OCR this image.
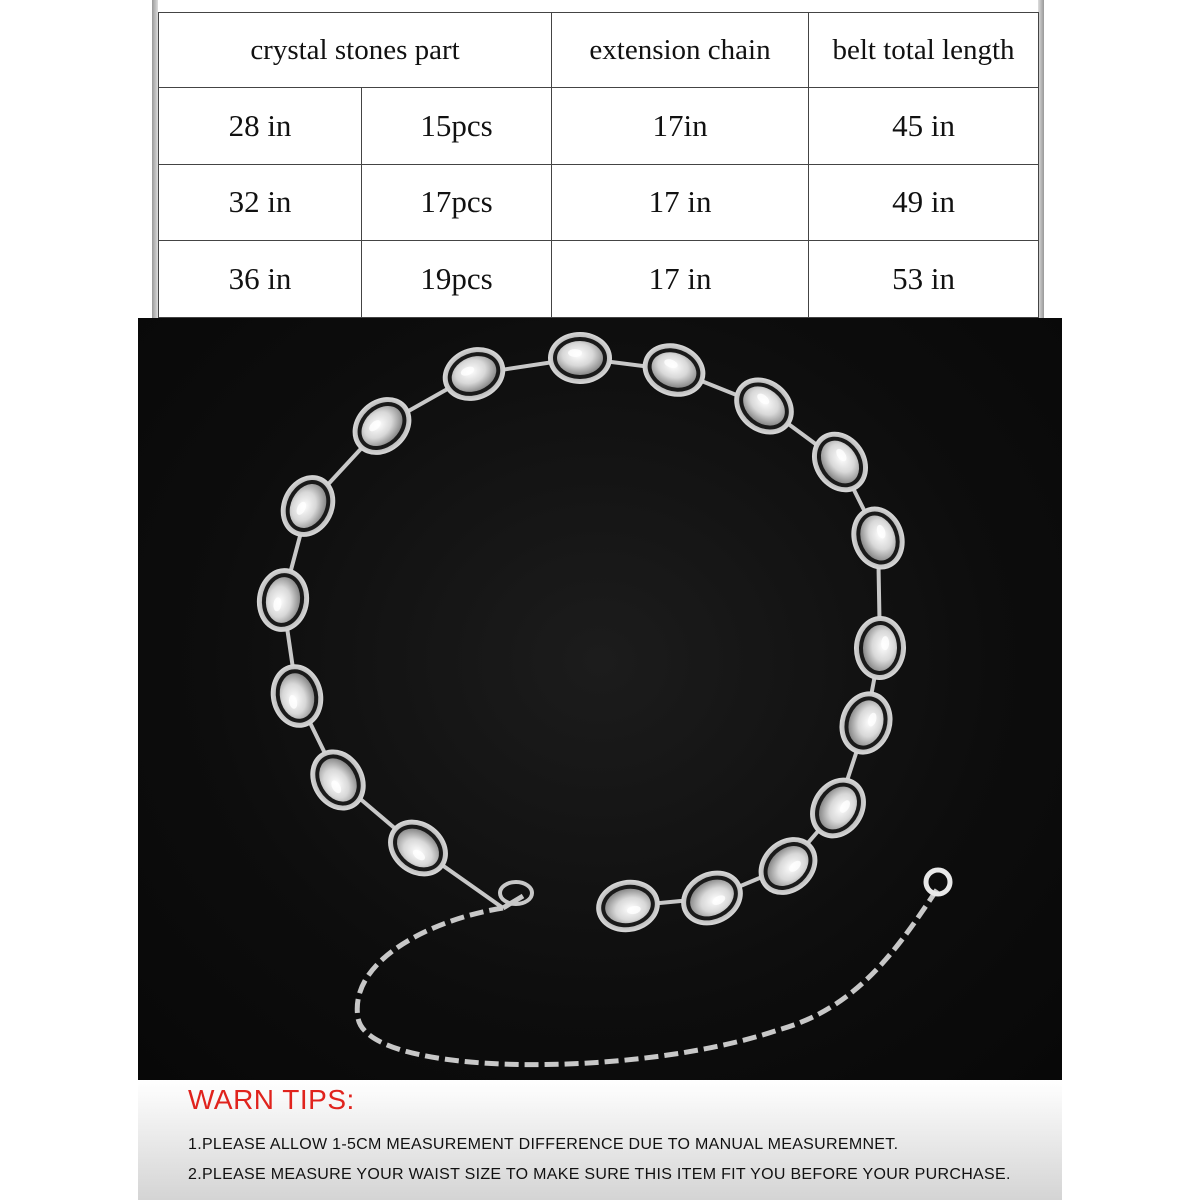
crystal stones part		extension chain	belt total length
28 in	15pcs	17in	45 in
32 in	17pcs	17 in	49 in
36 in	19pcs	17 in	53 in
WARN TIPS:
1.PLEASE ALLOW 1-5CM MEASUREMENT DIFFERENCE DUE TO MANUAL MEASUREMNET.
2.PLEASE MEASURE YOUR WAIST SIZE TO MAKE SURE THIS ITEM FIT YOU BEFORE YOUR PURCHASE.
